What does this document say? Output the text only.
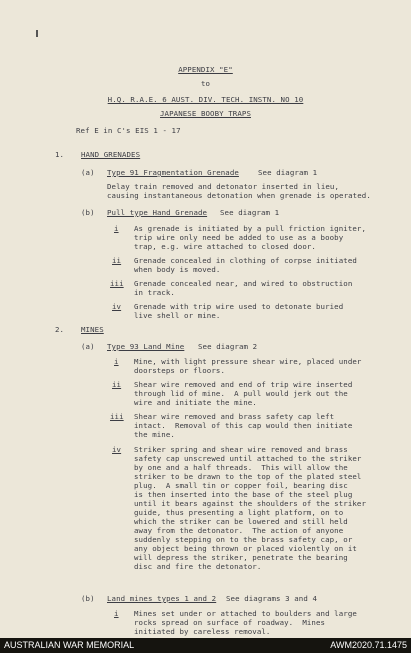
APPENDIX "E"
to
H.Q. R.A.E. 6 AUST. DIV. TECH. INSTN. NO 10
JAPANESE BOOBY TRAPS
Ref E in C's EIS 1 - 17
1. HAND GRENADES
(a) Type 91 Fragmentation Grenade	See diagram 1
Delay train removed and detonator inserted in lieu,
causing instantaneous detonation when grenade is operated.
(b) Pull type Hand Grenade See diagram 1
i As grenade is initiated by a pull friction igniter,
trip wire only need be added to use as a booby
trap, e.g. wire attached to closed door.
ii Grenade concealed in clothing of corpse initiated
when body is moved.
iii Grenade concealed near, and wired to obstruction
in track.
iv Grenade with trip wire used to detonate buried
live shell or mine.
2. MINES
(a) Type 93 Land Mine See diagram 2
i Mine, with light pressure shear wire, placed under
doorsteps or floors.
ii Shear wire removed and end of trip wire inserted
through lid of mine.  A pull would jerk out the
wire and initiate the mine.
iii Shear wire removed and brass safety cap left
intact.  Removal of this cap would then initiate
the mine.
iv Striker spring and shear wire removed and brass
safety cap unscrewed until attached to the striker
by one and a half threads.  This will allow the
striker to be drawn to the top of the plated steel
plug.  A small tin or copper foil, bearing disc
is then inserted into the base of the steel plug
until it bears against the shoulders of the striker
guide, thus presenting a light platform, on to
which the striker can be lowered and still held
away from the detonator.  The action of anyone
suddenly stepping on to the brass safety cap, or
any object being thrown or placed violently on it
will depress the striker, penetrate the bearing
disc and fire the detonator.
(b) Land mines types 1 and 2 See diagrams 3 and 4
i Mines set under or attached to boulders and large
rocks spread on surface of roadway.  Mines
initiated by careless removal.
AUSTRALIAN WAR MEMORIAL	AWM2020.71.1475
